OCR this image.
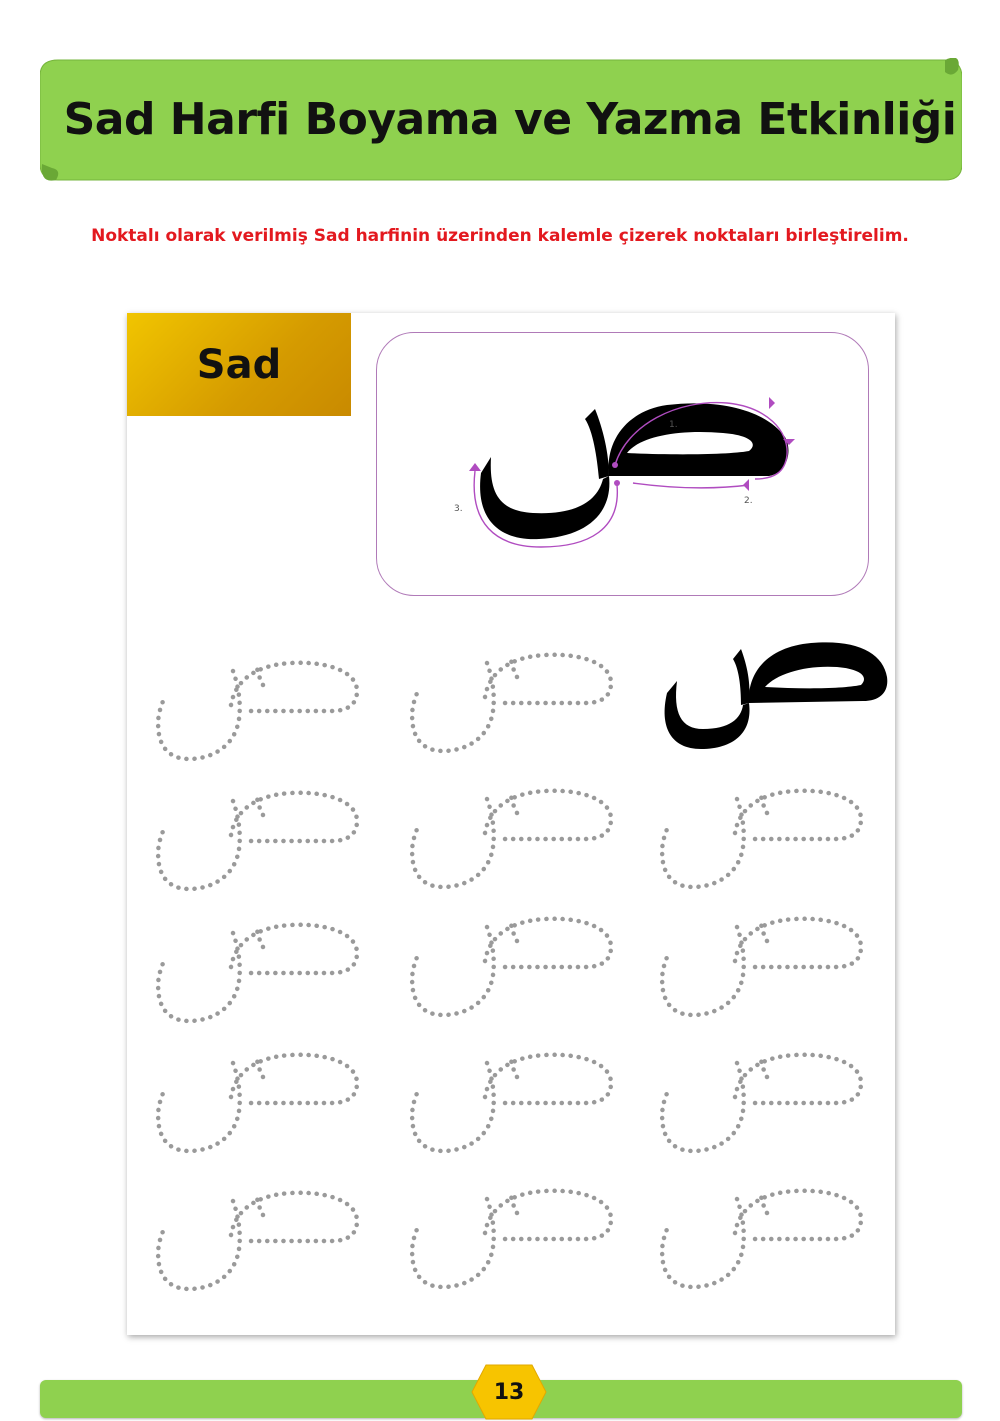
Sad Harfi Boyama ve Yazma Etkinliği
Noktalı olarak verilmiş Sad harfinin üzerinden kalemle çizerek noktaları birleştirelim.
Sad
1.
2.
3.
13
